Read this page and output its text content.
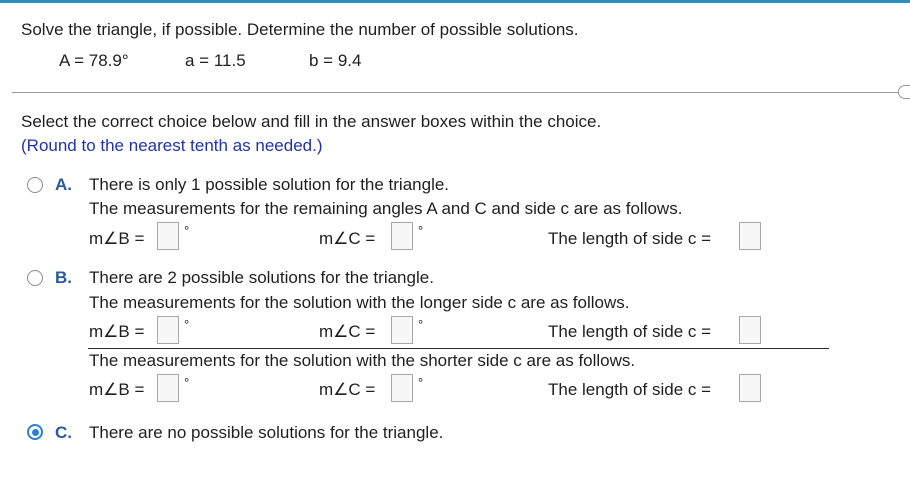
Solve the triangle, if possible. Determine the number of possible solutions.
A = 78.9°	a = 11.5	b = 9.4
Select the correct choice below and fill in the answer boxes within the choice.
(Round to the nearest tenth as needed.)
A. There is only 1 possible solution for the triangle.
The measurements for the remaining angles A and C and side c are as follows.
m∠B =	°	m∠C =	°	The length of side c =
B. There are 2 possible solutions for the triangle.
The measurements for the solution with the longer side c are as follows.
m∠B =	°	m∠C =	°	The length of side c =
The measurements for the solution with the shorter side c are as follows.
m∠B =	°	m∠C =	°	The length of side c =
C. There are no possible solutions for the triangle.
